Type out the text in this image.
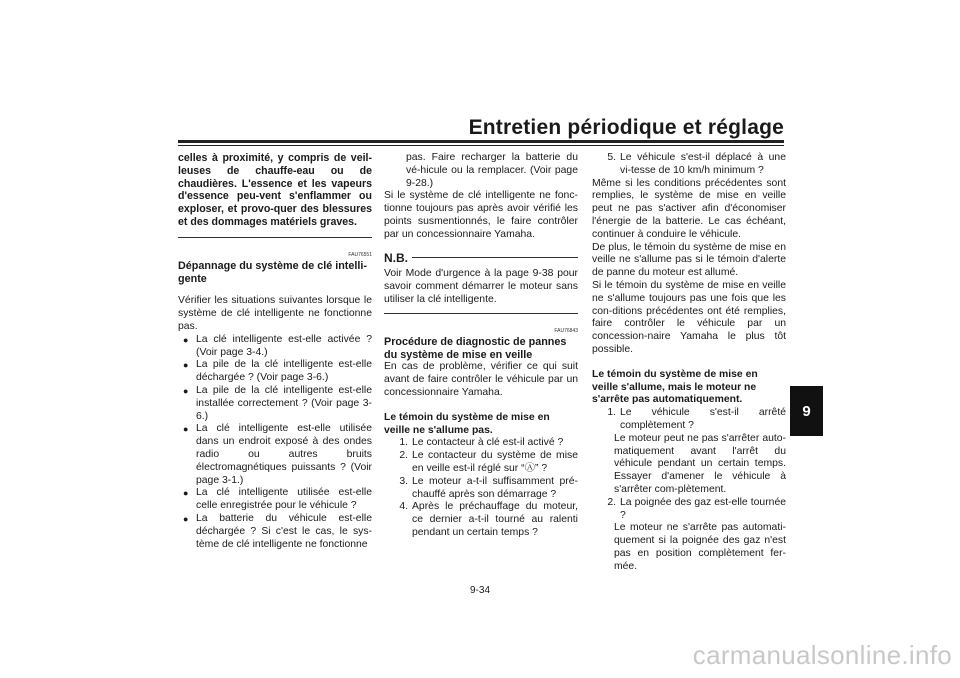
Entretien périodique et réglage
9

celles à proximité, y compris de veil-leuses de chauffe-eau ou de chaudières. L'essence et les vapeurs d'essence peu-vent s'enflammer ou exploser, et provo-quer des blessures et des dommages matériels graves.

FAU76551
Dépannage du système de clé intelli-gente

Vérifier les situations suivantes lorsque le système de clé intelligente ne fonctionne pas.

● La clé intelligente est-elle activée ? (Voir page 3-4.)
● La pile de la clé intelligente est-elle déchargée ? (Voir page 3-6.)
● La pile de la clé intelligente est-elle installée correctement ? (Voir page 3-6.)
● La clé intelligente est-elle utilisée dans un endroit exposé à des ondes radio ou autres bruits électromagnétiques puissants ? (Voir page 3-1.)
● La clé intelligente utilisée est-elle celle enregistrée pour le véhicule ?
● La batterie du véhicule est-elle déchargée ? Si c'est le cas, le sys-tème de clé intelligente ne fonctionne

pas. Faire recharger la batterie du vé-hicule ou la remplacer. (Voir page 9-28.)

Si le système de clé intelligente ne fonc-tionne toujours pas après avoir vérifié les points susmentionnés, le faire contrôler par un concessionnaire Yamaha.

N.B.

Voir Mode d'urgence à la page 9-38 pour savoir comment démarrer le moteur sans utiliser la clé intelligente.

FAU76843
Procédure de diagnostic de pannes du système de mise en veille

En cas de problème, vérifier ce qui suit avant de faire contrôler le véhicule par un concessionnaire Yamaha.

Le témoin du système de mise en veille ne s'allume pas.
1. Le contacteur à clé est-il activé ?
2. Le contacteur du système de mise en veille est-il réglé sur “Ⓐ” ?
3. Le moteur a-t-il suffisamment pré-chauffé après son démarrage ?
4. Après le préchauffage du moteur, ce dernier a-t-il tourné au ralenti pendant un certain temps ?
5. Le véhicule s'est-il déplacé à une vi-tesse de 10 km/h minimum ?

Même si les conditions précédentes sont remplies, le système de mise en veille peut ne pas s'activer afin d'économiser l'énergie de la batterie. Le cas échéant, continuer à conduire le véhicule.

De plus, le témoin du système de mise en veille ne s'allume pas si le témoin d'alerte de panne du moteur est allumé.

Si le témoin du système de mise en veille ne s'allume toujours pas une fois que les con-ditions précédentes ont été remplies, faire contrôler le véhicule par un concession-naire Yamaha le plus tôt possible.

Le témoin du système de mise en veille s'allume, mais le moteur ne s'arrête pas automatiquement.
1. Le véhicule s'est-il arrêté complètement ?

Le moteur peut ne pas s'arrêter auto-matiquement avant l'arrêt du véhicule pendant un certain temps. Essayer d'amener le véhicule à s'arrêter com-plètement.

2. La poignée des gaz est-elle tournée ?

Le moteur ne s'arrête pas automati-quement si la poignée des gaz n'est pas en position complètement fer-mée.

9-34
carmanualsonline.info
